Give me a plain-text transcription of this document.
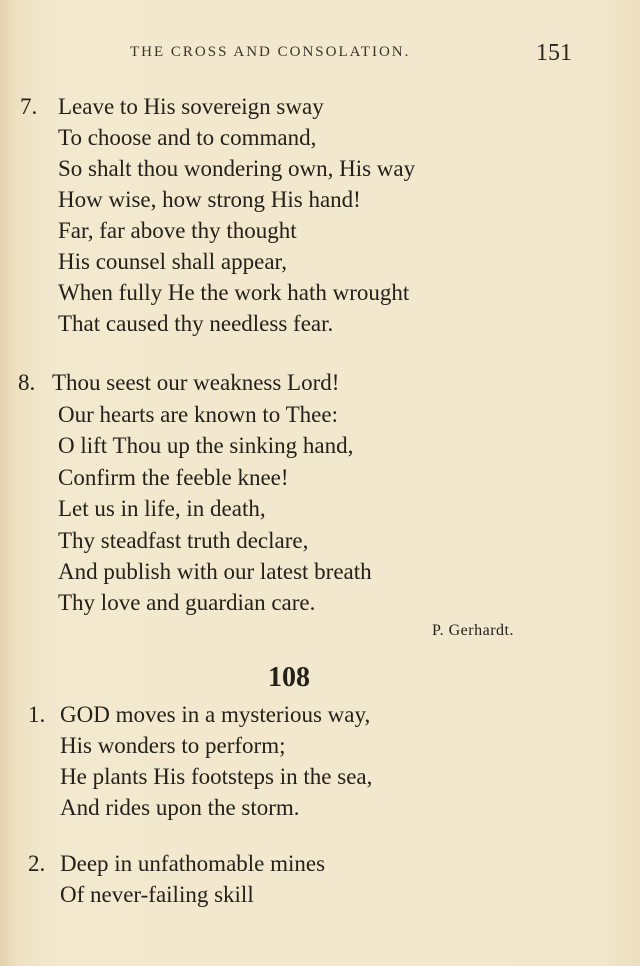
THE CROSS AND CONSOLATION.	151
7. Leave to His sovereign sway
To choose and to command,
So shalt thou wondering own, His way
How wise, how strong His hand!
Far, far above thy thought
His counsel shall appear,
When fully He the work hath wrought
That caused thy needless fear.
8. Thou seest our weakness Lord!
Our hearts are known to Thee:
O lift Thou up the sinking hand,
Confirm the feeble knee!
Let us in life, in death,
Thy steadfast truth declare,
And publish with our latest breath
Thy love and guardian care.
P. Gerhardt.
108
1. GOD moves in a mysterious way,
His wonders to perform;
He plants His footsteps in the sea,
And rides upon the storm.
2. Deep in unfathomable mines
Of never-failing skill
